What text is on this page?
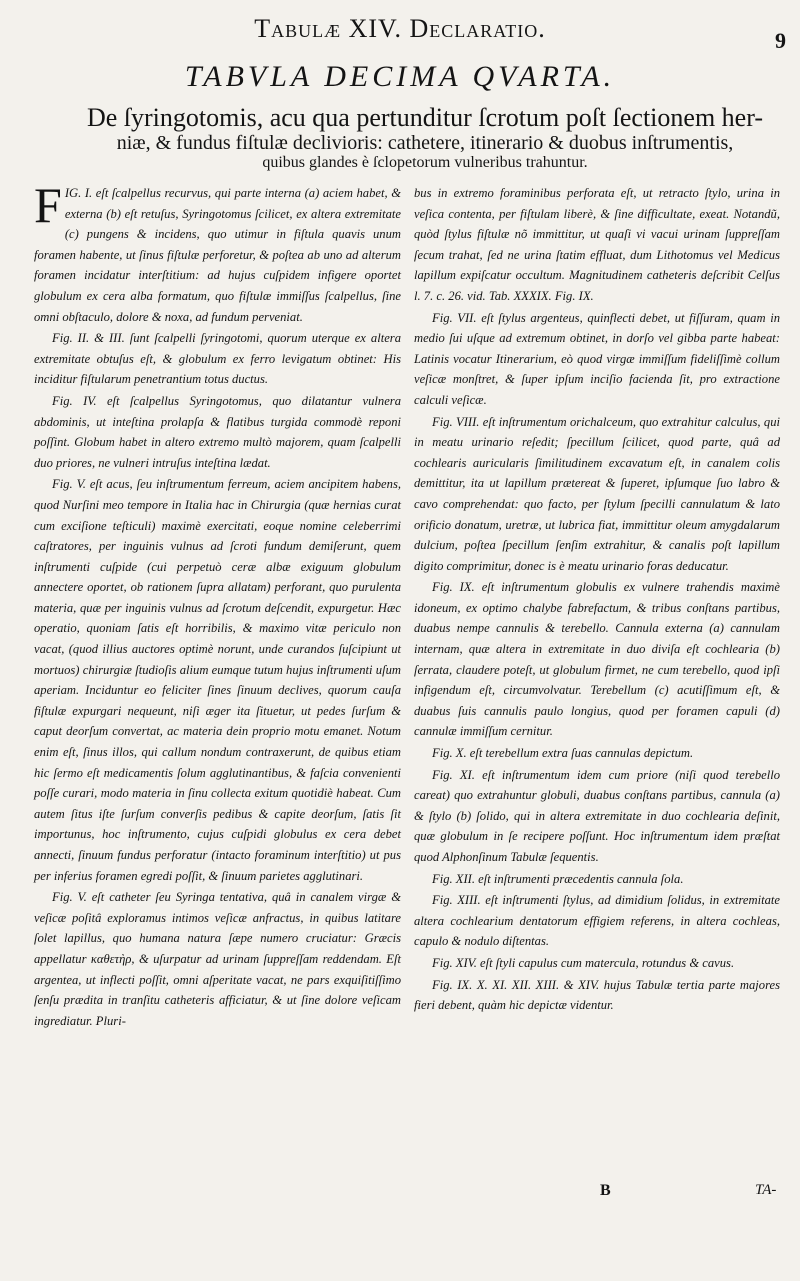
Tabulæ XIV. Declaratio.	9
TABVLA DECIMA QVARTA.
De ſyringotomis, acu qua pertunditur ſcrotum poſt ſectionem her-
niæ, & fundus fiſtulæ declivioris: cathetere, itinerario & duobus inſtrumentis,
quibus glandes è ſclopetorum vulneribus trahuntur.

FIG. I. eſt ſcalpellus recurvus, qui parte interna (a) aciem habet, & externa (b) eſt retuſus, Syringotomus ſcilicet, ex altera extremitate (c) pungens & incidens, quo utimur in fiſtula quavis unum foramen habente, ut ſinus fiſtulæ perforetur, & poſtea ab uno ad alterum foramen incidatur interſtitium: ad hujus cuſpidem infigere oportet globulum ex cera alba formatum, quo fiſtulæ immiſſus ſcalpellus, ſine omni obſtaculo, dolore & noxa, ad fundum perveniat.

Fig. II. & III. ſunt ſcalpelli ſyringotomi, quorum uterque ex altera extremitate obtuſus eſt, & globulum ex ferro levigatum obtinet: His inciditur fiſtularum penetrantium totus ductus.

Fig. IV. eſt ſcalpellus Syringotomus, quo dilatantur vulnera abdominis, ut inteſtina prolapſa & flatibus turgida commodè reponi poſſint. Globum habet in altero extremo multò majorem, quam ſcalpelli duo priores, ne vulneri intruſus inteſtina lædat.

Fig. V. eſt acus, ſeu inſtrumentum ferreum, aciem ancipitem habens, quod Nurſini meo tempore in Italia hac in Chirurgia (quæ hernias curat cum exciſione teſticuli) maximè exercitati, eoque nomine celeberrimi caſtratores, per inguinis vulnus ad ſcroti fundum demiſerunt, quem inſtrumenti cuſpide (cui perpetuò ceræ albæ exiguum globulum annectere oportet, ob rationem ſupra allatam) perforant, quo purulenta materia, quæ per inguinis vulnus ad ſcrotum deſcendit, expurgetur. Hæc operatio, quoniam ſatis eſt horribilis, & maximo vitæ periculo non vacat, (quod illius auctores optimè norunt, unde curandos ſuſcipiunt ut mortuos) chirurgiæ ſtudioſis alium eumque tutum hujus inſtrumenti uſum aperiam. Inciduntur eo feliciter ſines ſinuum declives, quorum cauſa fiſtulæ expurgari nequeunt, niſi æger ita ſituetur, ut pedes ſurſum & caput deorſum convertat, ac materia dein proprio motu emanet. Notum enim eſt, ſinus illos, qui callum nondum contraxerunt, de quibus etiam hic ſermo eſt medicamentis ſolum agglutinantibus, & faſcia convenienti poſſe curari, modo materia in ſinu collecta exitum quotidiè habeat. Cum autem ſitus iſte ſurſum converſis pedibus & capite deorſum, ſatis ſit importunus, hoc inſtrumento, cujus cuſpidi globulus ex cera debet annecti, ſinuum fundus perforatur (intacto foraminum interſtitio) ut pus per inferius foramen egredi poſſit, & ſinuum parietes agglutinari.

Fig. V. eſt catheter ſeu Syringa tentativa, quâ in canalem virgæ & veſicæ poſitâ exploramus intimos veſicæ anfractus, in quibus latitare ſolet lapillus, quo humana natura ſæpe numero cruciatur: Græcis appellatur καθετὴρ, & uſurpatur ad urinam ſuppreſſam reddendam. Eſt argentea, ut inflecti poſſit, omni aſperitate vacat, ne pars exquiſitiſſimo ſenſu prædita in tranſitu catheteris afficiatur, & ut ſine dolore veſicam ingrediatur. Pluri-

bus in extremo foraminibus perforata eſt, ut retracto ſtylo, urina in veſica contenta, per fiſtulam liberè, & ſine difficultate, exeat. Notandũ, quòd ſtylus fiſtulæ nõ immittitur, ut quaſi vi vacui urinam ſuppreſſam ſecum trahat, ſed ne urina ſtatim effluat, dum Lithotomus vel Medicus lapillum expiſcatur occultum. Magnitudinem catheteris deſcribit Celſus l. 7. c. 26. vid. Tab. XXXIX. Fig. IX.

Fig. VII. eſt ſtylus argenteus, quinflecti debet, ut fiſſuram, quam in medio ſui uſque ad extremum obtinet, in dorſo vel gibba parte habeat: Latinis vocatur Itinerarium, eò quod virgæ immiſſum fideliſſimè collum veſicæ monſtret, & ſuper ipſum inciſio facienda ſit, pro extractione calculi veſicæ.

Fig. VIII. eſt inſtrumentum orichalceum, quo extrahitur calculus, qui in meatu urinario reſedit; ſpecillum ſcilicet, quod parte, quâ ad cochlearis auricularis ſimilitudinem excavatum eſt, in canalem colis demittitur, ita ut lapillum prætereat & ſuperet, ipſumque ſuo labro & cavo comprehendat: quo facto, per ſtylum ſpecilli cannulatum & lato orificio donatum, uretræ, ut lubrica fiat, immittitur oleum amygdalarum dulcium, poſtea ſpecillum ſenſim extrahitur, & canalis poſt lapillum digito comprimitur, donec is è meatu urinario foras deducatur.

Fig. IX. eſt inſtrumentum globulis ex vulnere trahendis maximè idoneum, ex optimo chalybe fabrefactum, & tribus conſtans partibus, duabus nempe cannulis & terebello. Cannula externa (a) cannulam internam, quæ altera in extremitate in duo diviſa eſt cochlearia (b) ſerrata, claudere poteſt, ut globulum firmet, ne cum terebello, quod ipſi infigendum eſt, circumvolvatur. Terebellum (c) acutiſſimum eſt, & duabus ſuis cannulis paulo longius, quod per foramen capuli (d) cannulæ immiſſum cernitur.

Fig. X. eſt terebellum extra ſuas cannulas depictum.

Fig. XI. eſt inſtrumentum idem cum priore (niſi quod terebello careat) quo extrahuntur globuli, duabus conſtans partibus, cannula (a) & ſtylo (b) ſolido, qui in altera extremitate in duo cochlearia deſinit, quæ globulum in ſe recipere poſſunt. Hoc inſtrumentum idem præſtat quod Alphonſinum Tabulæ ſequentis.

Fig. XII. eſt inſtrumenti præcedentis cannula ſola.

Fig. XIII. eſt inſtrumenti ſtylus, ad dimidium ſolidus, in extremitate altera cochlearium dentatorum effigiem referens, in altera cochleas, capulo & nodulo diſtentas.

Fig. XIV. eſt ſtyli capulus cum matercula, rotundus & cavus.

Fig. IX. X. XI. XII. XIII. & XIV. hujus Tabulæ tertia parte majores fieri debent, quàm hic depictæ videntur.

B	TA-
